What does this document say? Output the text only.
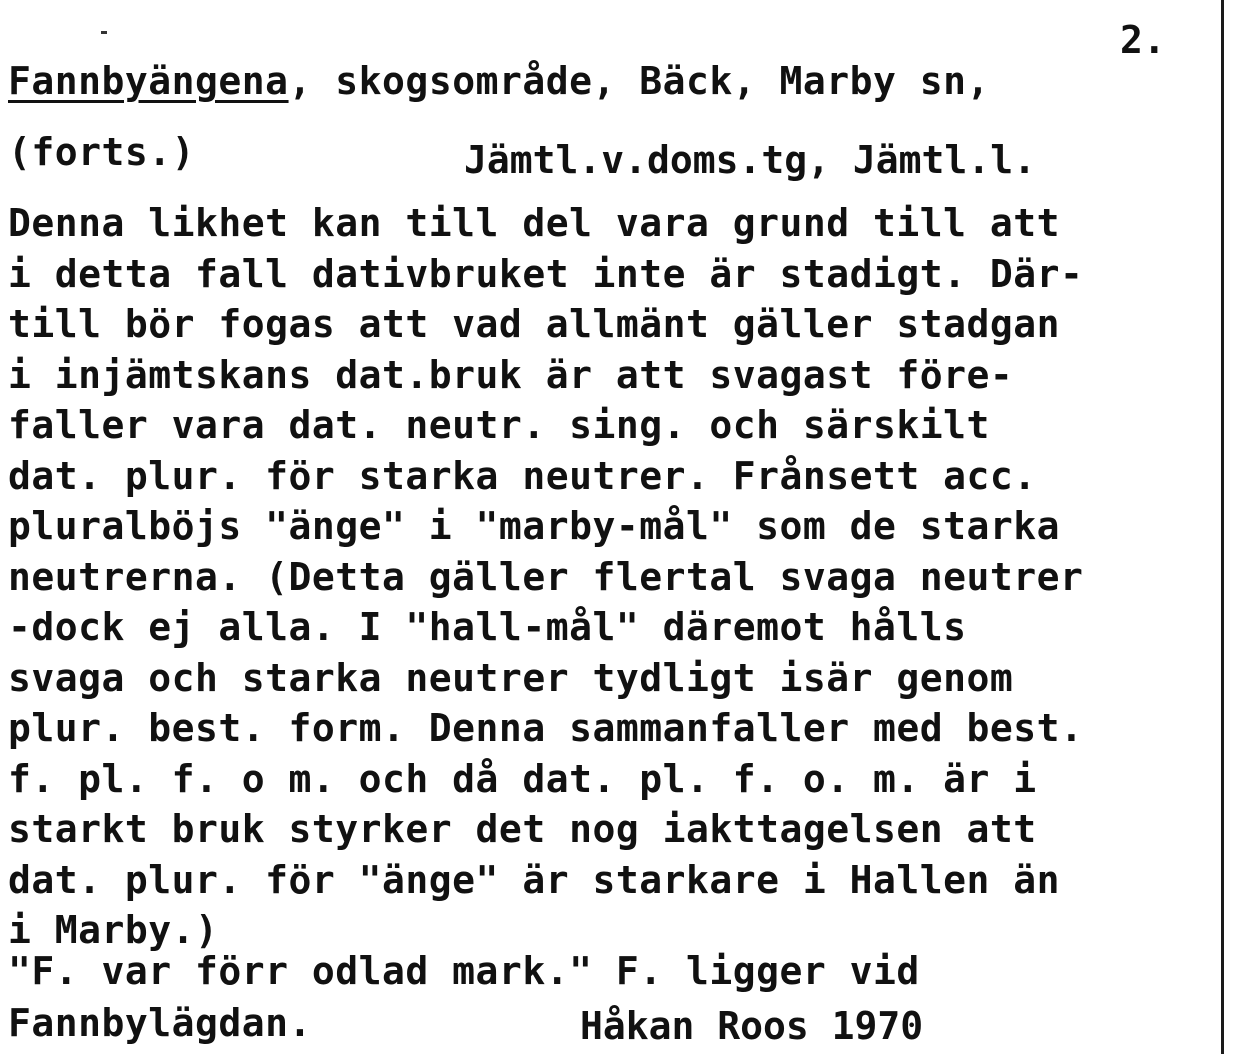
2.
Fannbyängena, skogsområde, Bäck, Marby sn,
(forts.)	Jämtl.v.doms.tg, Jämtl.l.
Denna likhet kan till del vara grund till att
i detta fall dativbruket inte är stadigt. Där-
till bör fogas att vad allmänt gäller stadgan
i injämtskans dat.bruk är att svagast före-
faller vara dat. neutr. sing. och särskilt
dat. plur. för starka neutrer. Frånsett acc.
pluralböjs "änge" i "marby-mål" som de starka
neutrerna. (Detta gäller flertal svaga neutrer
-dock ej alla. I "hall-mål" däremot hålls
svaga och starka neutrer tydligt isär genom
plur. best. form. Denna sammanfaller med best.
f. pl. f. o m. och då dat. pl. f. o. m. är i
starkt bruk styrker det nog iakttagelsen att
dat. plur. för "änge" är starkare i Hallen än
i Marby.)
"F. var förr odlad mark." F. ligger vid
Fannbylägdan.	Håkan Roos 1970
